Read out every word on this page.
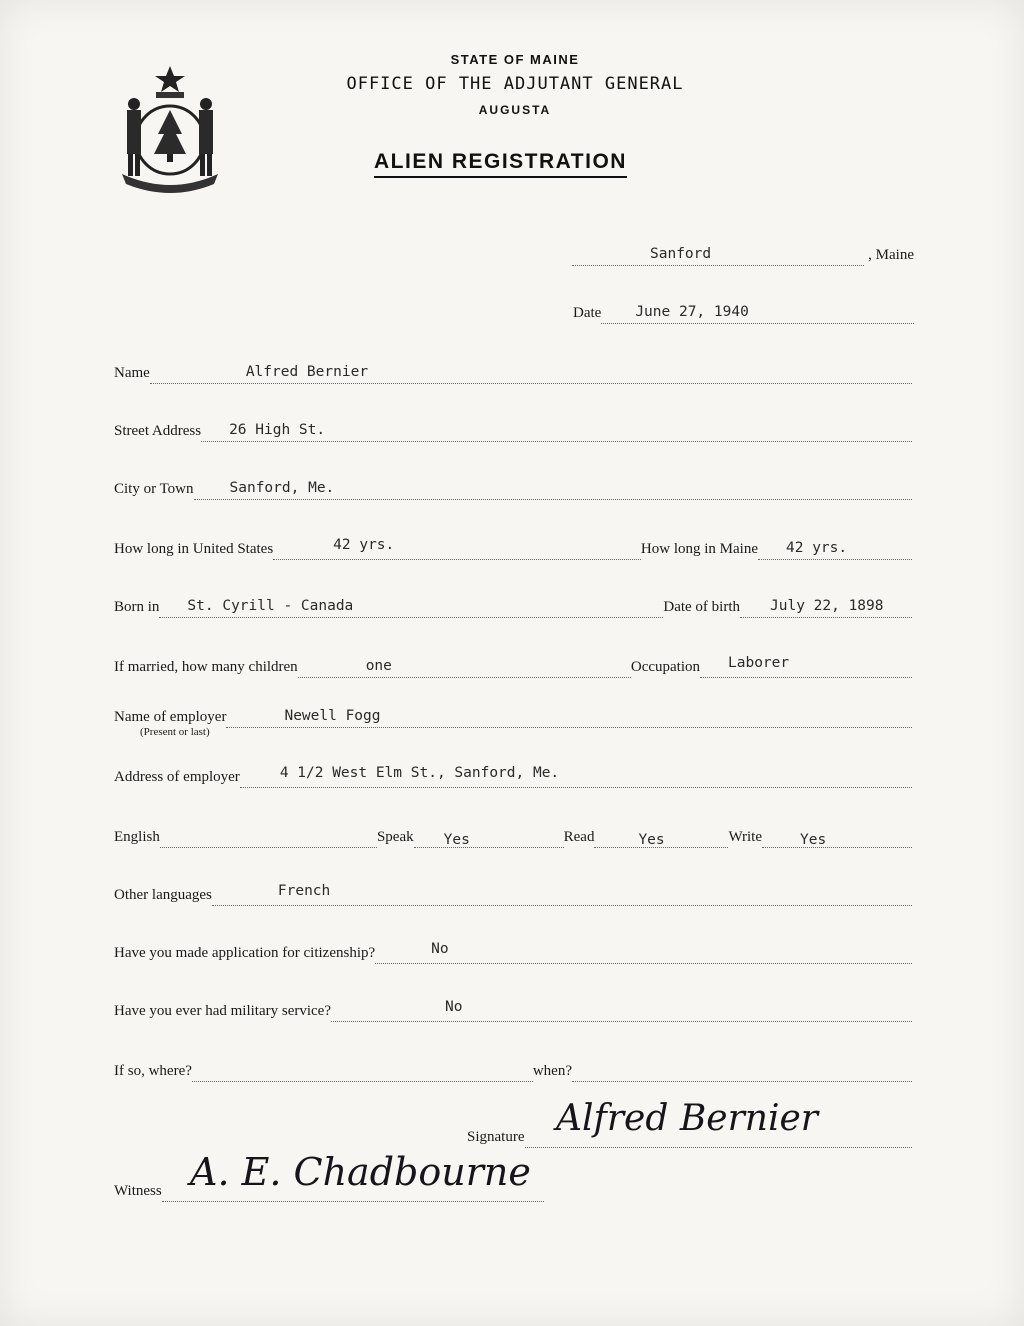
STATE OF MAINE
OFFICE OF THE ADJUTANT GENERAL
AUGUSTA
ALIEN REGISTRATION
Sanford	, Maine
Date June 27, 1940
Name	Alfred Bernier
Street Address 26 High St.
City or Town Sanford, Me.
How long in United States	42 yrs.	How long in Maine 42 yrs.
Born in St. Cyrill - Canada	Date of birth July 22, 1898
If married, how many children	one	Occupation Laborer
Name of employer	Newell Fogg
(Present or last)
Address of employer	4 1/2 West Elm St., Sanford, Me.
English	Speak Yes	Read	Yes	Write	Yes
Other languages	French
Have you made application for citizenship?	No
Have you ever had military service?	No
If so, where?	when?
Signature Alfred Bernier
Witness A. E. Chadbourne
